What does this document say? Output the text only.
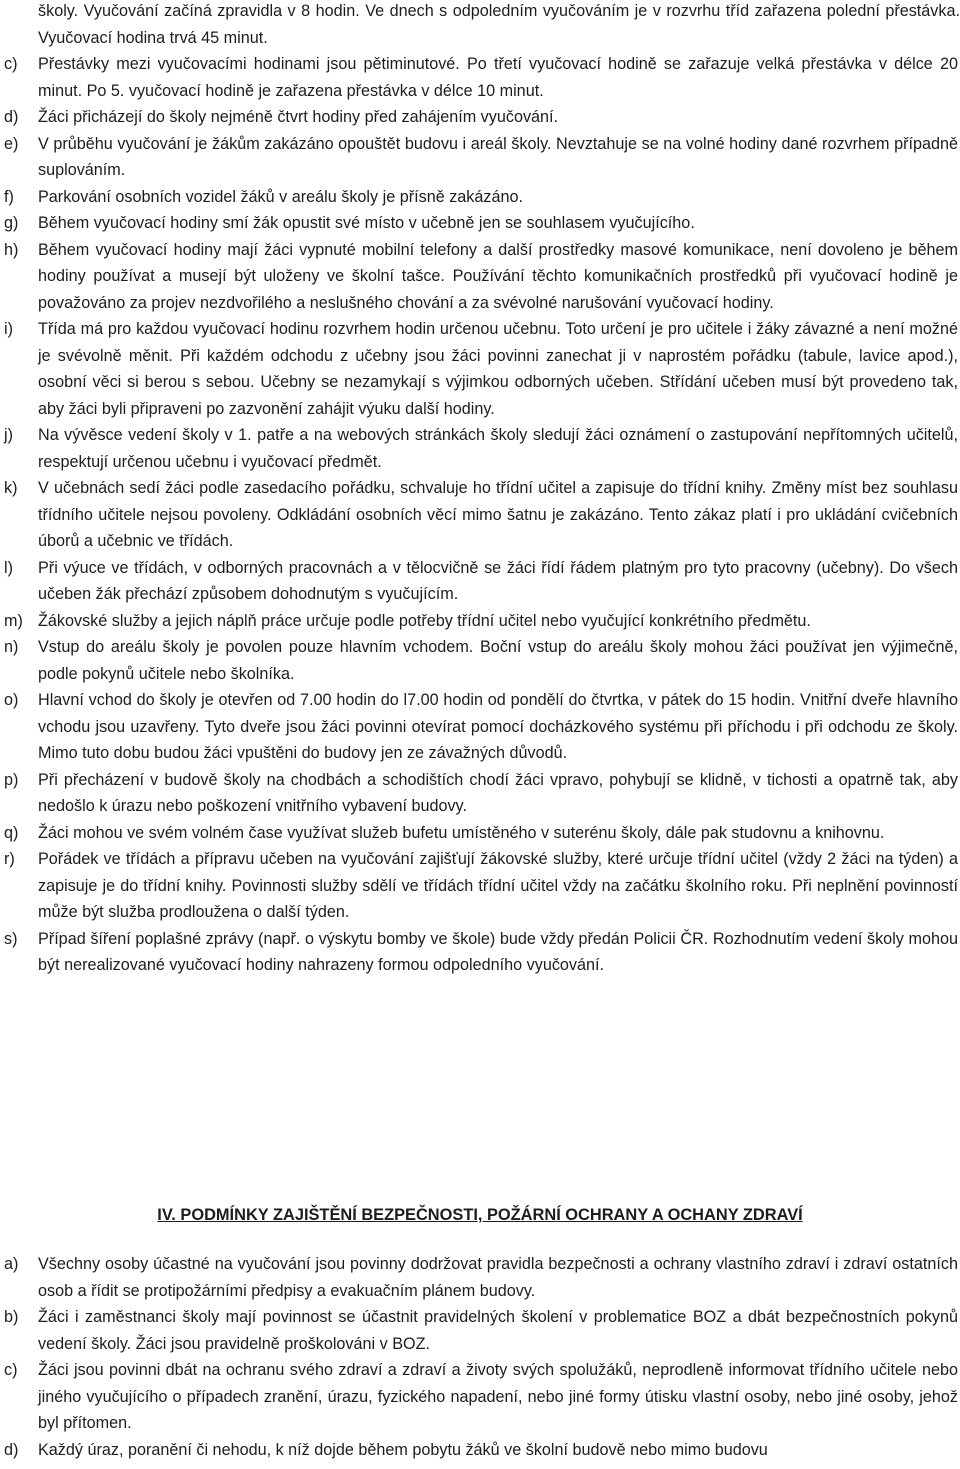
školy. Vyučování začíná zpravidla v 8 hodin. Ve dnech s odpoledním vyučováním je v rozvrhu tříd zařazena polední přestávka. Vyučovací hodina trvá 45 minut.

c)	Přestávky mezi vyučovacími hodinami jsou pětiminutové. Po třetí vyučovací hodině se zařazuje velká přestávka v délce 20 minut. Po 5. vyučovací hodině je zařazena přestávka v délce 10 minut.
d)	Žáci přicházejí do školy nejméně čtvrt hodiny před zahájením vyučování.
e)	V průběhu vyučování je žákům zakázáno opouštět budovu i areál školy. Nevztahuje se na volné hodiny dané rozvrhem případně suplováním.
f)	Parkování osobních vozidel žáků v areálu školy je přísně zakázáno.
g)	Během vyučovací hodiny smí žák opustit své místo v učebně jen se souhlasem vyučujícího.
h)	Během vyučovací hodiny mají žáci vypnuté mobilní telefony a další prostředky masové komunikace, není dovoleno je během hodiny používat a musejí být uloženy ve školní tašce. Používání těchto komunikačních prostředků při vyučovací hodině je považováno za projev nezdvořilého a neslušného chování a za svévolné narušování vyučovací hodiny.
i)	Třída má pro každou vyučovací hodinu rozvrhem hodin určenou učebnu. Toto určení je pro učitele i žáky závazné a není možné je svévolně měnit. Při každém odchodu z učebny jsou žáci povinni zanechat ji v naprostém pořádku (tabule, lavice apod.), osobní věci si berou s sebou. Učebny se nezamykají s výjimkou odborných učeben. Střídání učeben musí být provedeno tak, aby žáci byli připraveni po zazvonění zahájit výuku další hodiny.
j)	Na vývěsce vedení školy v 1. patře a na webových stránkách školy sledují žáci oznámení o zastupování nepřítomných učitelů, respektují určenou učebnu i vyučovací předmět.
k)	V učebnách sedí žáci podle zasedacího pořádku, schvaluje ho třídní učitel a zapisuje do třídní knihy. Změny míst bez souhlasu třídního učitele nejsou povoleny. Odkládání osobních věcí mimo šatnu je zakázáno. Tento zákaz platí i pro ukládání cvičebních úborů a učebnic ve třídách.
l)	Při výuce ve třídách, v odborných pracovnách a v tělocvičně se žáci řídí řádem platným pro tyto pracovny (učebny). Do všech učeben žák přechází způsobem dohodnutým s vyučujícím.
m) Žákovské služby a jejich náplň práce určuje podle potřeby třídní učitel nebo vyučující konkrétního předmětu.
n)	Vstup do areálu školy je povolen pouze hlavním vchodem. Boční vstup do areálu školy mohou žáci používat jen výjimečně, podle pokynů učitele nebo školníka.
o)	Hlavní vchod do školy je otevřen od 7.00 hodin do l7.00 hodin od pondělí do čtvrtka, v pátek do 15 hodin. Vnitřní dveře hlavního vchodu jsou uzavřeny. Tyto dveře jsou žáci povinni otevírat pomocí docházkového systému při příchodu i při odchodu ze školy. Mimo tuto dobu budou žáci vpuštěni do budovy jen ze závažných důvodů.
p)	Při přecházení v budově školy na chodbách a schodištích chodí žáci vpravo, pohybují se klidně, v tichosti a opatrně tak, aby nedošlo k úrazu nebo poškození vnitřního vybavení budovy.
q)	Žáci mohou ve svém volném čase využívat služeb bufetu umístěného v suterénu školy, dále pak studovnu a knihovnu.
r)	Pořádek ve třídách a přípravu učeben na vyučování zajišťují žákovské služby, které určuje třídní učitel (vždy 2 žáci na týden) a zapisuje je do třídní knihy. Povinnosti služby sdělí ve třídách třídní učitel vždy na začátku školního roku. Při neplnění povinností může být služba prodloužena o další týden.
s)	Případ šíření poplašné zprávy (např. o výskytu bomby ve škole) bude vždy předán Policii ČR. Rozhodnutím vedení školy mohou být nerealizované vyučovací hodiny nahrazeny formou odpoledního vyučování.
IV. PODMÍNKY ZAJIŠTĚNÍ BEZPEČNOSTI, POŽÁRNÍ OCHRANY A OCHANY ZDRAVÍ
a)	Všechny osoby účastné na vyučování jsou povinny dodržovat pravidla bezpečnosti a ochrany vlastního zdraví i zdraví ostatních osob a řídit se protipožárními předpisy a evakuačním plánem budovy.
b)	Žáci i zaměstnanci školy mají povinnost se účastnit pravidelných školení v problematice BOZ a dbát bezpečnostních pokynů vedení školy. Žáci jsou pravidelně proškolováni v BOZ.
c)	Žáci jsou povinni dbát na ochranu svého zdraví a zdraví a životy svých spolužáků, neprodleně informovat třídního učitele nebo jiného vyučujícího o případech zranění, úrazu, fyzického napadení, nebo jiné formy útisku vlastní osoby, nebo jiné osoby, jehož byl přítomen.
d)	Každý úraz, poranění či nehodu, k níž dojde během pobytu žáků ve školní budově nebo mimo budovu
